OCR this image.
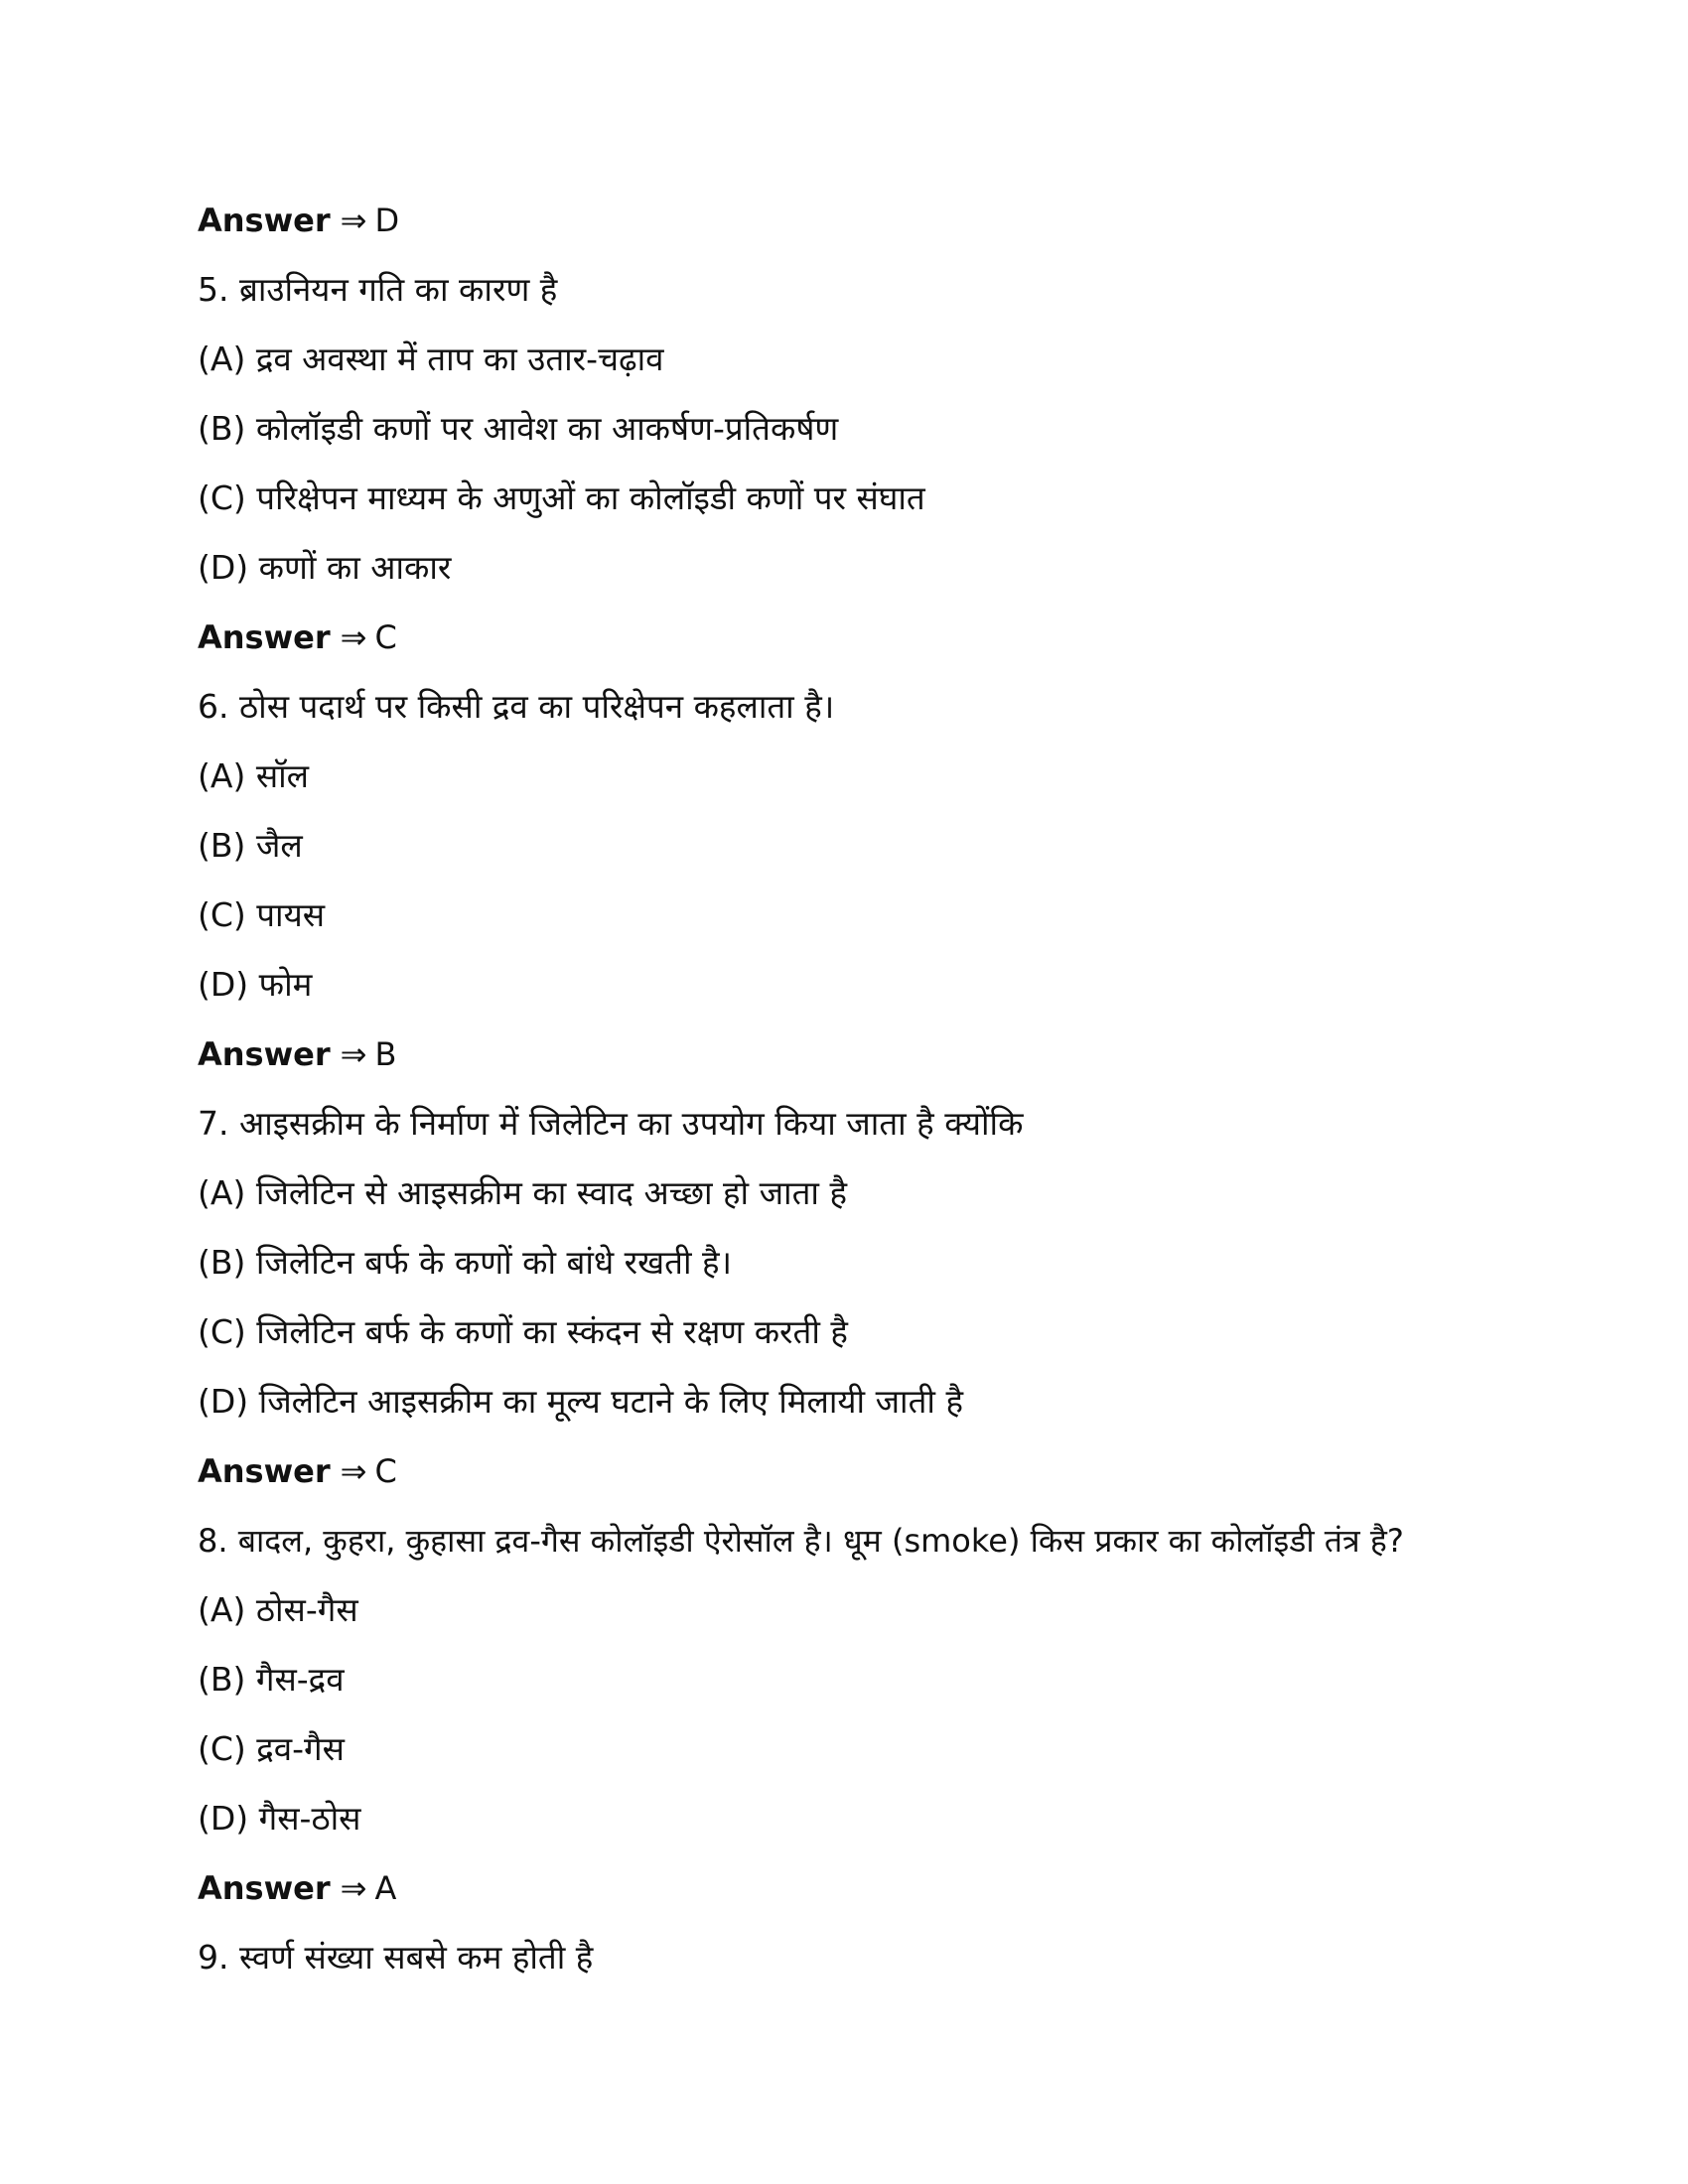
Answer ⇒ D
5. ब्राउनियन गति का कारण है
(A) द्रव अवस्था में ताप का उतार-चढ़ाव
(B) कोलॉइडी कणों पर आवेश का आकर्षण-प्रतिकर्षण
(C) परिक्षेपन माध्यम के अणुओं का कोलॉइडी कणों पर संघात
(D) कणों का आकार
Answer ⇒ C
6. ठोस पदार्थ पर किसी द्रव का परिक्षेपन कहलाता है।
(A) सॉल
(B) जैल
(C) पायस
(D) फोम
Answer ⇒ B
7. आइसक्रीम के निर्माण में जिलेटिन का उपयोग किया जाता है क्योंकि
(A) जिलेटिन से आइसक्रीम का स्वाद अच्छा हो जाता है
(B) जिलेटिन बर्फ के कणों को बांधे रखती है।
(C) जिलेटिन बर्फ के कणों का स्कंदन से रक्षण करती है
(D) जिलेटिन आइसक्रीम का मूल्य घटाने के लिए मिलायी जाती है
Answer ⇒ C
8. बादल, कुहरा, कुहासा द्रव-गैस कोलॉइडी ऐरोसॉल है। धूम (smoke) किस प्रकार का कोलॉइडी तंत्र है?
(A) ठोस-गैस
(B) गैस-द्रव
(C) द्रव-गैस
(D) गैस-ठोस
Answer ⇒ A
9. स्वर्ण संख्या सबसे कम होती है
